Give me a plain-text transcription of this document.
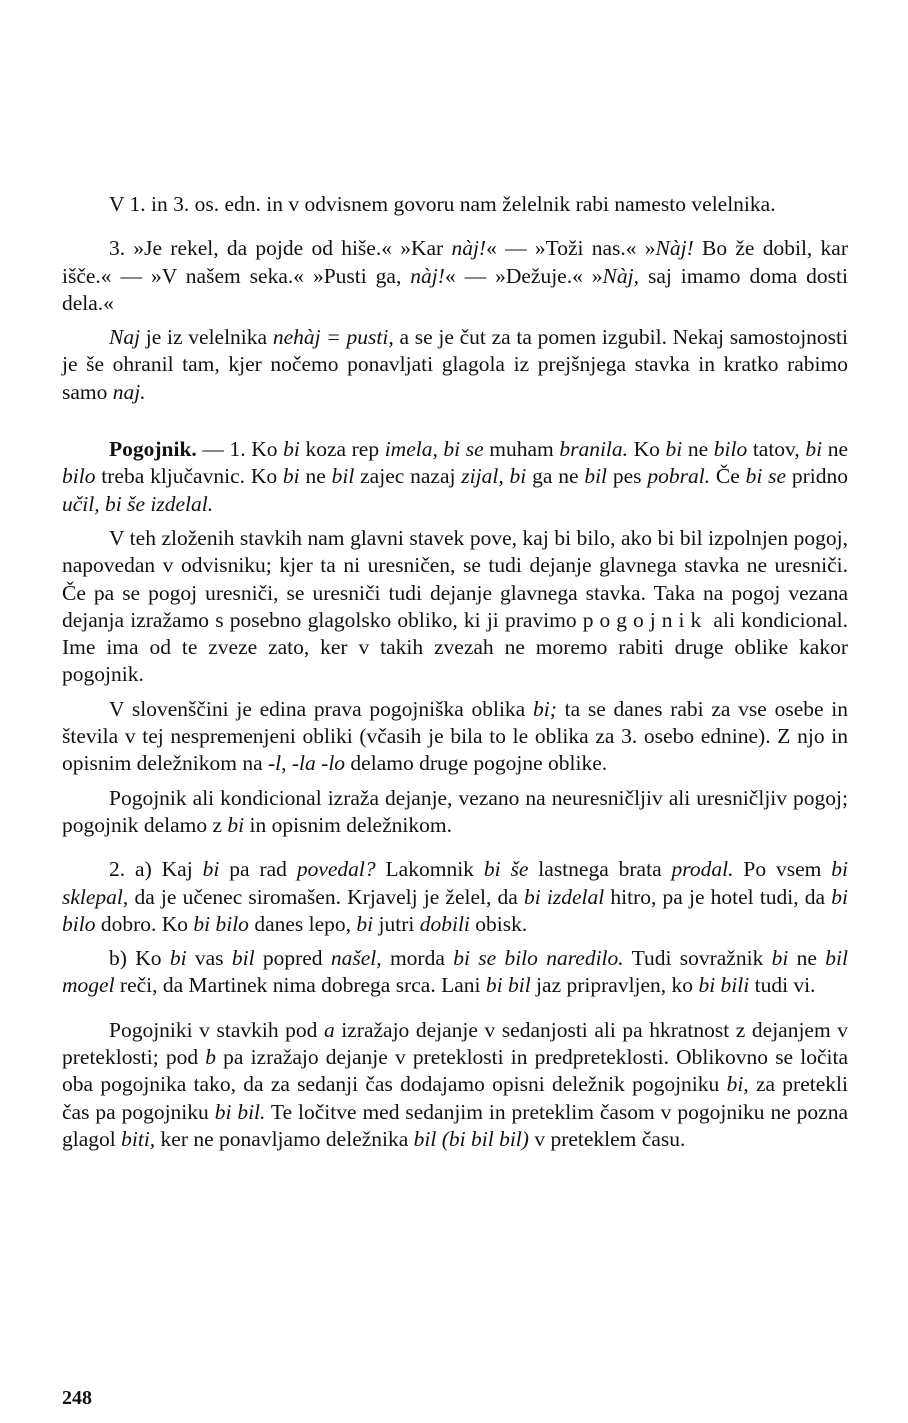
V 1. in 3. os. edn. in v odvisnem govoru nam želelnik rabi namesto velelnika.

3. »Je rekel, da pojde od hiše.« »Kar nàj!« — »Toži nas.« »Nàj! Bo že dobil, kar išče.« — »V našem seka.« »Pusti ga, nàj!« — »Dežuje.« »Nàj, saj imamo doma dosti dela.«

Naj je iz velelnika nehàj = pusti, a se je čut za ta pomen izgubil. Nekaj samostojnosti je še ohranil tam, kjer nočemo ponavljati glagola iz prejšnjega stavka in kratko rabimo samo naj.

Pogojnik. — 1. Ko bi koza rep imela, bi se muham branila. Ko bi ne bilo tatov, bi ne bilo treba ključavnic. Ko bi ne bil zajec nazaj zijal, bi ga ne bil pes pobral. Če bi se pridno učil, bi še izdelal.

V teh zloženih stavkih nam glavni stavek pove, kaj bi bilo, ako bi bil izpolnjen pogoj, napovedan v odvisniku; kjer ta ni uresničen, se tudi dejanje glavnega stavka ne uresniči. Če pa se pogoj uresniči, se uresniči tudi dejanje glavnega stavka. Taka na pogoj vezana dejanja izražamo s posebno glagolsko obliko, ki ji pravimo pogojnik ali kondicional. Ime ima od te zveze zato, ker v takih zvezah ne moremo rabiti druge oblike kakor pogojnik.

V slovenščini je edina prava pogojniška oblika bi; ta se danes rabi za vse osebe in števila v tej nespremenjeni obliki (včasih je bila to le oblika za 3. osebo ednine). Z njo in opisnim deležnikom na -l, -la -lo delamo druge pogojne oblike.

Pogojnik ali kondicional izraža dejanje, vezano na neuresničljiv ali uresničljiv pogoj; pogojnik delamo z bi in opisnim deležnikom.

2. a) Kaj bi pa rad povedal? Lakomnik bi še lastnega brata prodal. Po vsem bi sklepal, da je učenec siromašen. Krjavelj je želel, da bi izdelal hitro, pa je hotel tudi, da bi bilo dobro. Ko bi bilo danes lepo, bi jutri dobili obisk.

b) Ko bi vas bil popred našel, morda bi se bilo naredilo. Tudi sovražnik bi ne bil mogel reči, da Martinek nima dobrega srca. Lani bi bil jaz pripravljen, ko bi bili tudi vi.

Pogojniki v stavkih pod a izražajo dejanje v sedanjosti ali pa hkratnost z dejanjem v preteklosti; pod b pa izražajo dejanje v preteklosti in predpreteklosti. Oblikovno se ločita oba pogojnika tako, da za sedanji čas dodajamo opisni deležnik pogojniku bi, za pretekli čas pa pogojniku bi bil. Te ločitve med sedanjim in preteklim časom v pogojniku ne pozna glagol biti, ker ne ponavljamo deležnika bil (bi bil bil) v preteklem času.

248
